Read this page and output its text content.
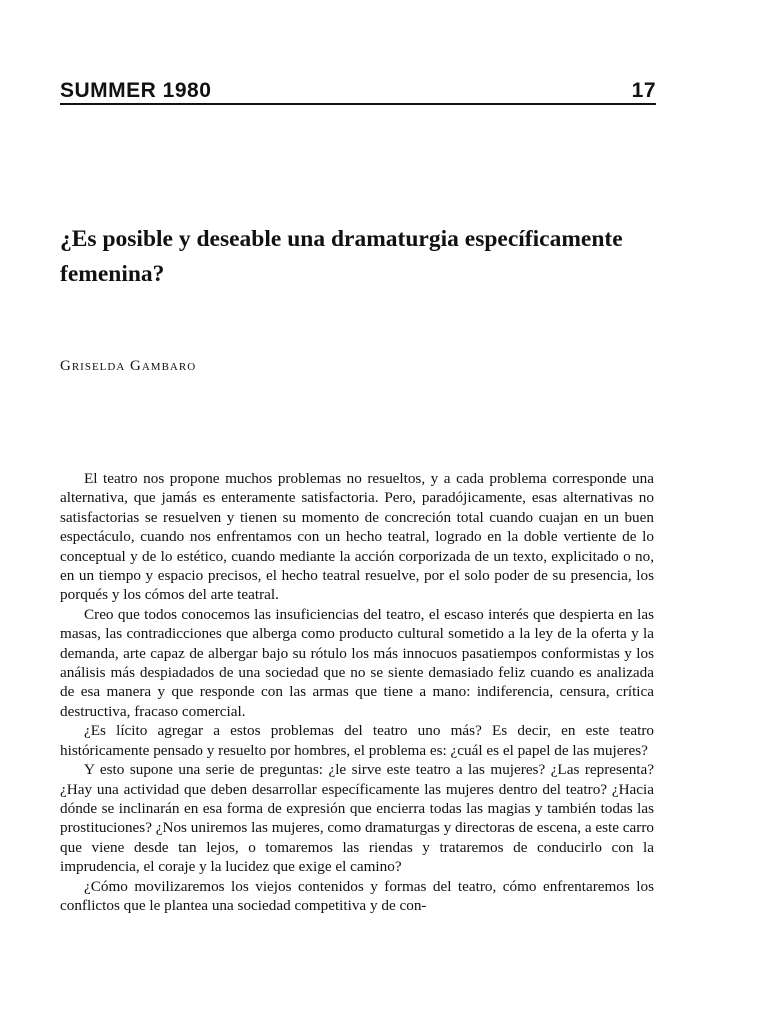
SUMMER 1980	17
¿Es posible y deseable una dramaturgia específicamente femenina?
Griselda Gambaro

El teatro nos propone muchos problemas no resueltos, y a cada problema corresponde una alternativa, que jamás es enteramente satisfactoria. Pero, paradójicamente, esas alternativas no satisfactorias se resuelven y tienen su momento de concreción total cuando cuajan en un buen espectáculo, cuando nos enfrentamos con un hecho teatral, logrado en la doble vertiente de lo conceptual y de lo estético, cuando mediante la acción corporizada de un texto, explicitado o no, en un tiempo y espacio precisos, el hecho teatral resuelve, por el solo poder de su presencia, los porqués y los cómos del arte teatral.

Creo que todos conocemos las insuficiencias del teatro, el escaso interés que despierta en las masas, las contradicciones que alberga como producto cultural sometido a la ley de la oferta y la demanda, arte capaz de albergar bajo su rótulo los más innocuos pasatiempos conformistas y los análisis más despiadados de una sociedad que no se siente demasiado feliz cuando es analizada de esa manera y que responde con las armas que tiene a mano: indiferencia, censura, crítica destructiva, fracaso comercial.

¿Es lícito agregar a estos problemas del teatro uno más? Es decir, en este teatro históricamente pensado y resuelto por hombres, el problema es: ¿cuál es el papel de las mujeres?

Y esto supone una serie de preguntas: ¿le sirve este teatro a las mujeres? ¿Las representa? ¿Hay una actividad que deben desarrollar específicamente las mujeres dentro del teatro? ¿Hacia dónde se inclinarán en esa forma de expresión que encierra todas las magias y también todas las prostituciones? ¿Nos uniremos las mujeres, como dramaturgas y directoras de escena, a este carro que viene desde tan lejos, o tomaremos las riendas y trataremos de conducirlo con la imprudencia, el coraje y la lucidez que exige el camino?

¿Cómo movilizaremos los viejos contenidos y formas del teatro, cómo enfrentaremos los conflictos que le plantea una sociedad competitiva y de con-
